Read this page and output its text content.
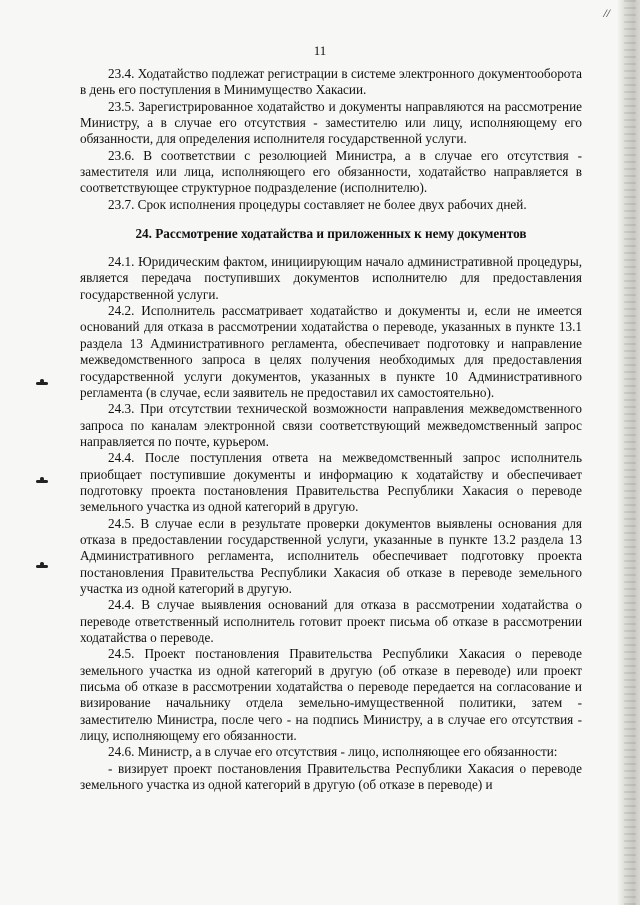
//
11

23.4. Ходатайство подлежат регистрации в системе электронного документооборота в день его поступления в Минимущество Хакасии.

23.5. Зарегистрированное ходатайство и документы направляются на рассмотрение Министру, а в случае его отсутствия - заместителю или лицу, исполняющему его обязанности, для определения исполнителя государственной услуги.

23.6. В соответствии с резолюцией Министра, а в случае его отсутствия - заместителя или лица, исполняющего его обязанности, ходатайство направляется в соответствующее структурное подразделение (исполнителю).

23.7. Срок исполнения процедуры составляет не более двух рабочих дней.

24. Рассмотрение ходатайства и приложенных к нему документов

24.1. Юридическим фактом, инициирующим начало административной процедуры, является передача поступивших документов исполнителю для предоставления государственной услуги.

24.2. Исполнитель рассматривает ходатайство и документы и, если не имеется оснований для отказа в рассмотрении ходатайства о переводе, указанных в пункте 13.1 раздела 13 Административного регламента, обеспечивает подготовку и направление межведомственного запроса в целях получения необходимых для предоставления государственной услуги документов, указанных в пункте 10 Административного регламента (в случае, если заявитель не предоставил их самостоятельно).

24.3. При отсутствии технической возможности направления межведомственного запроса по каналам электронной связи соответствующий межведомственный запрос направляется по почте, курьером.

24.4. После поступления ответа на межведомственный запрос исполнитель приобщает поступившие документы и информацию к ходатайству и обеспечивает подготовку проекта постановления Правительства Республики Хакасия о переводе земельного участка из одной категорий в другую.

24.5. В случае если в результате проверки документов выявлены основания для отказа в предоставлении государственной услуги, указанные в пункте 13.2 раздела 13 Административного регламента, исполнитель обеспечивает подготовку проекта постановления Правительства Республики Хакасия об отказе в переводе земельного участка из одной категорий в другую.

24.4. В случае выявления оснований для отказа в рассмотрении ходатайства о переводе ответственный исполнитель готовит проект письма об отказе в рассмотрении ходатайства о переводе.

24.5. Проект постановления Правительства Республики Хакасия о переводе земельного участка из одной категорий в другую (об отказе в переводе) или проект письма об отказе в рассмотрении ходатайства о переводе передается на согласование и визирование начальнику отдела земельно-имущественной политики, затем - заместителю Министра, после чего - на подпись Министру, а в случае его отсутствия - лицу, исполняющему его обязанности.

24.6. Министр, а в случае его отсутствия - лицо, исполняющее его обязанности:

- визирует проект постановления Правительства Республики Хакасия о переводе земельного участка из одной категорий в другую (об отказе в переводе) и
